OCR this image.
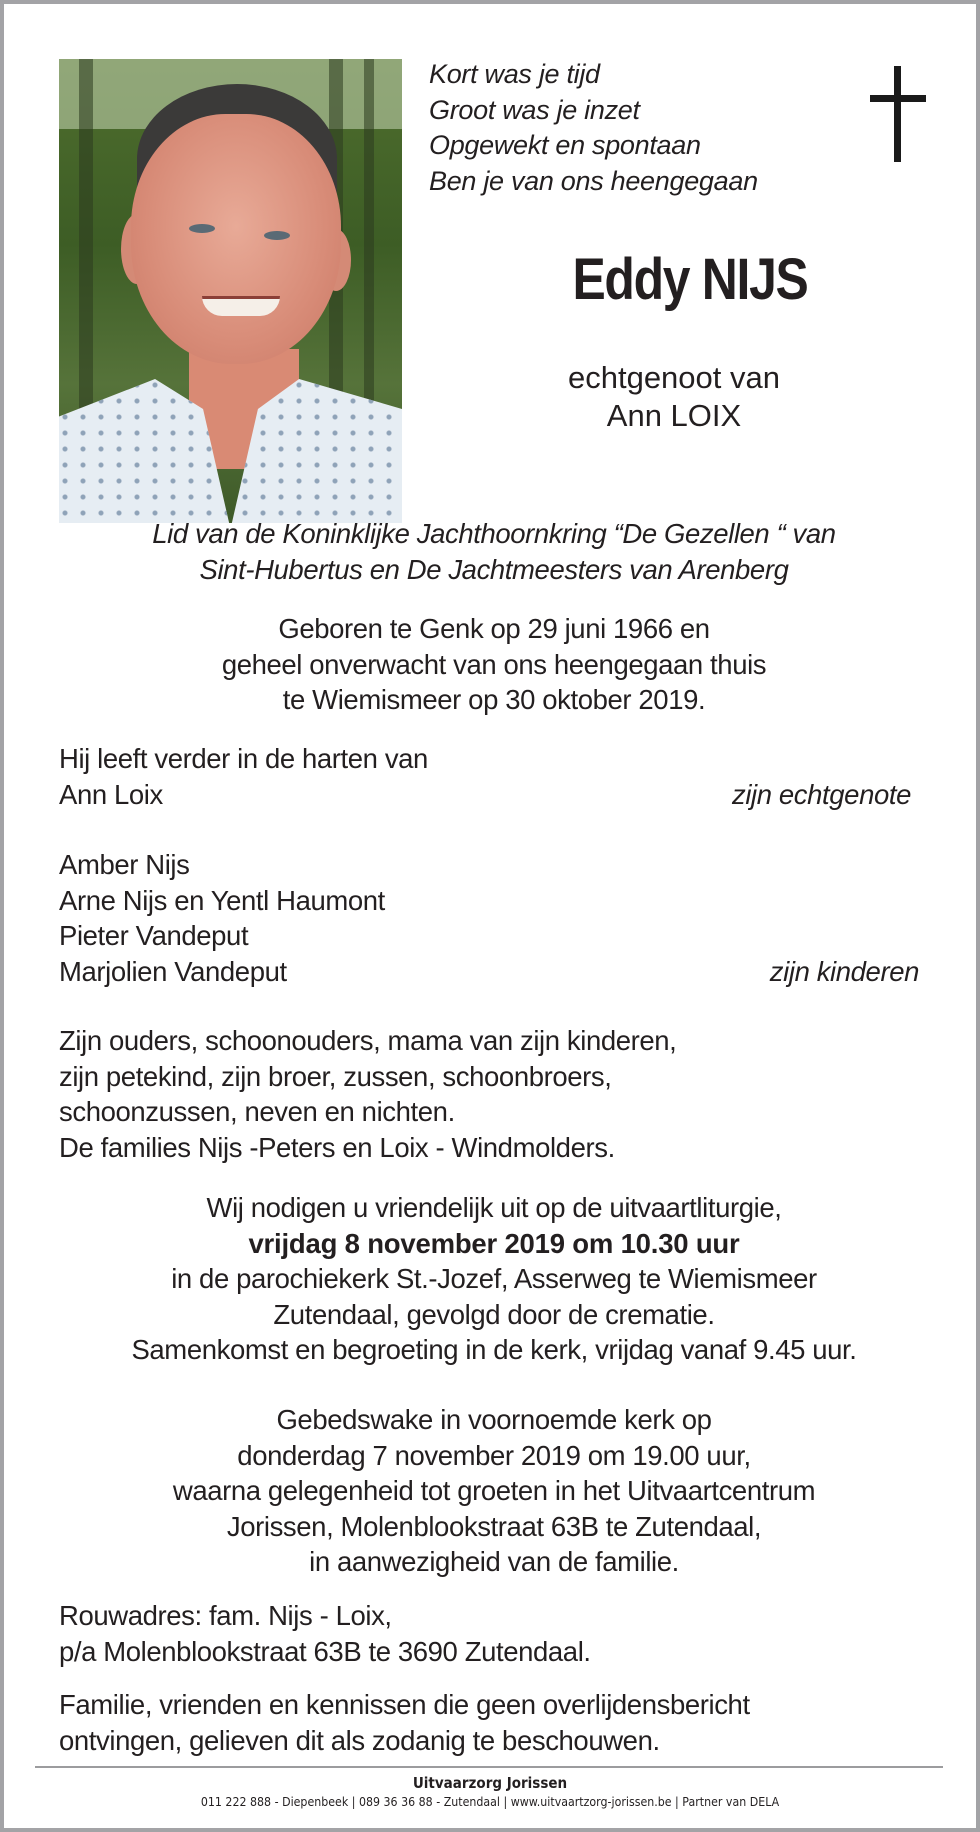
Kort was je tijd
Groot was je inzet
Opgewekt en spontaan
Ben je van ons heengegaan
Eddy NIJS
echtgenoot van
Ann LOIX
Lid van de Koninklijke Jachthoornkring “De Gezellen “ van
Sint-Hubertus en De Jachtmeesters van Arenberg
Geboren te Genk op 29 juni 1966 en
geheel onverwacht van ons heengegaan thuis
te Wiemismeer op 30 oktober 2019.
Hij leeft verder in de harten van
Ann Loix	zijn echtgenote
Amber Nijs
Arne Nijs en Yentl Haumont
Pieter Vandeput
Marjolien Vandeput	zijn kinderen
Zijn ouders, schoonouders, mama van zijn kinderen,
zijn petekind, zijn broer, zussen, schoonbroers,
schoonzussen, neven en nichten.
De families Nijs -Peters en Loix - Windmolders.
Wij nodigen u vriendelijk uit op de uitvaartliturgie,
vrijdag 8 november 2019 om 10.30 uur
in de parochiekerk St.-Jozef, Asserweg te Wiemismeer
Zutendaal, gevolgd door de crematie.
Samenkomst en begroeting in de kerk, vrijdag vanaf 9.45 uur.
Gebedswake in voornoemde kerk op
donderdag 7 november 2019 om 19.00 uur,
waarna gelegenheid tot groeten in het Uitvaartcentrum
Jorissen, Molenblookstraat 63B te Zutendaal,
in aanwezigheid van de familie.
Rouwadres: fam. Nijs - Loix,
p/a Molenblookstraat 63B te 3690 Zutendaal.
Familie, vrienden en kennissen die geen overlijdensbericht
ontvingen, gelieven dit als zodanig te beschouwen.
Uitvaarzorg Jorissen
011 222 888 - Diepenbeek | 089 36 36 88 - Zutendaal | www.uitvaartzorg-jorissen.be | Partner van DELA
